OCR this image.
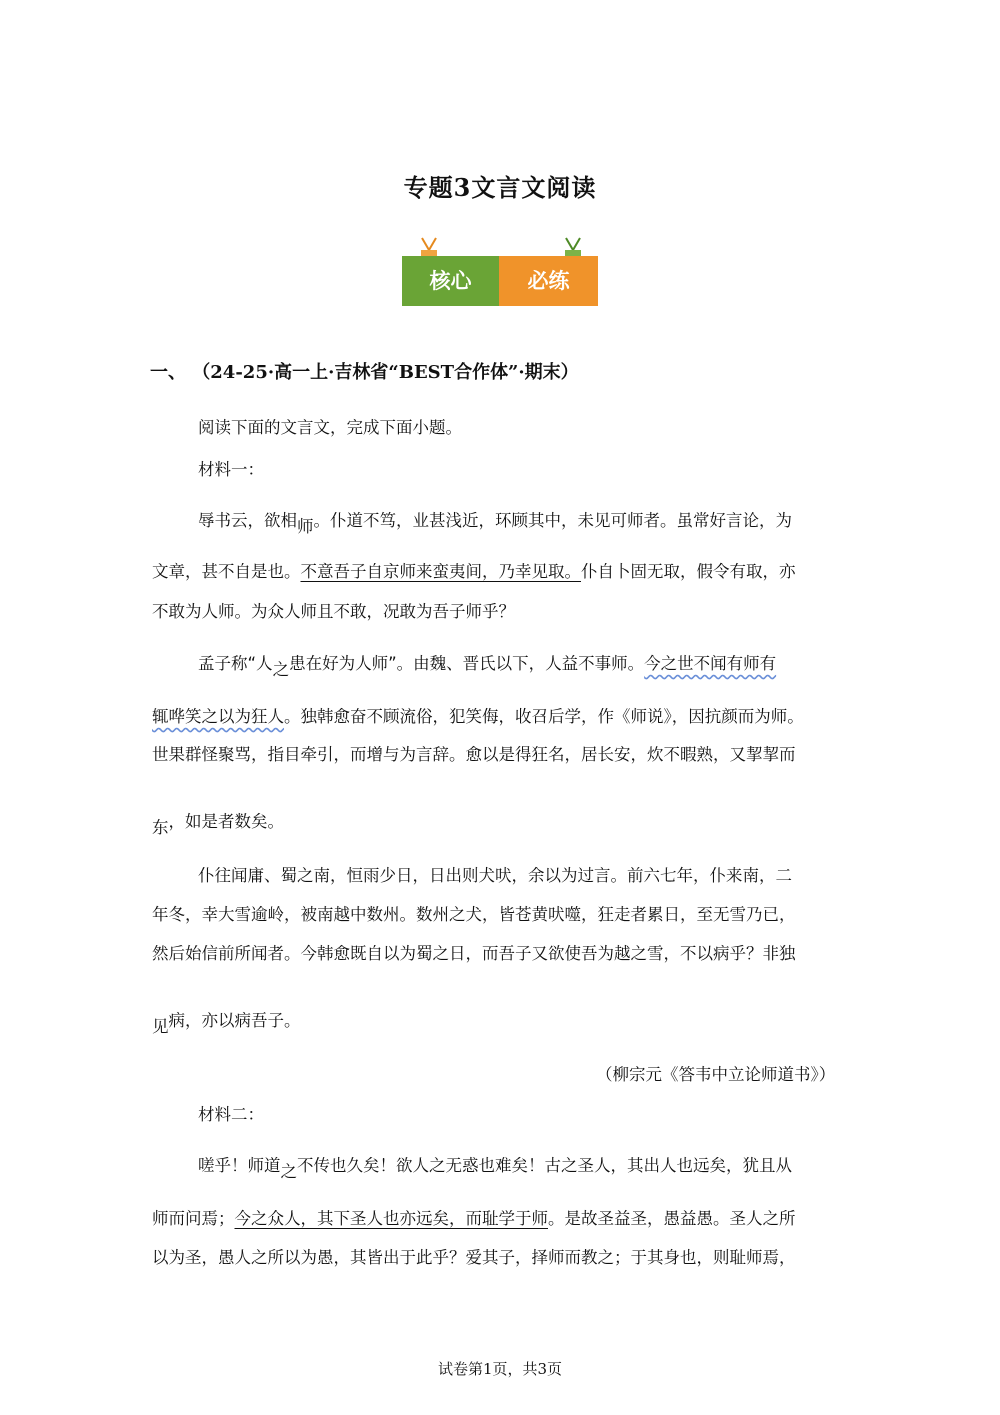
专题3文言文阅读
核心	必练
一、 （24-25·高一上·吉林省“BEST合作体”·期末）
阅读下面的文言文，完成下面小题。
材料一：
辱书云，欲相师。仆道不笃，业甚浅近，环顾其中，未见可师者。虽常好言论，为
文章，甚不自是也。不意吾子自京师来蛮夷间，乃幸见取。仆自卜固无取，假令有取，亦
不敢为人师。为众人师且不敢，况敢为吾子师乎？
孟子称“人之患在好为人师”。由魏、晋氏以下，人益不事师。今之世不闻有师有
辄哗笑之以为狂人。独韩愈奋不顾流俗，犯笑侮，收召后学，作《师说》，因抗颜而为师。
世果群怪聚骂，指目牵引，而增与为言辞。愈以是得狂名，居长安，炊不暇熟，又挈挈而
东，如是者数矣。
仆往闻庸、蜀之南，恒雨少日，日出则犬吠，余以为过言。前六七年，仆来南，二
年冬，幸大雪逾岭，被南越中数州。数州之犬，皆苍黄吠噬，狂走者累日，至无雪乃已，
然后始信前所闻者。今韩愈既自以为蜀之日，而吾子又欲使吾为越之雪，不以病乎？非独
见病，亦以病吾子。
（柳宗元《答韦中立论师道书》）
材料二：
嗟乎！师道之不传也久矣！欲人之无惑也难矣！古之圣人，其出人也远矣，犹且从
师而问焉；今之众人，其下圣人也亦远矣，而耻学于师。是故圣益圣，愚益愚。圣人之所
以为圣，愚人之所以为愚，其皆出于此乎？爱其子，择师而教之；于其身也，则耻师焉，
试卷第1页，共3页
